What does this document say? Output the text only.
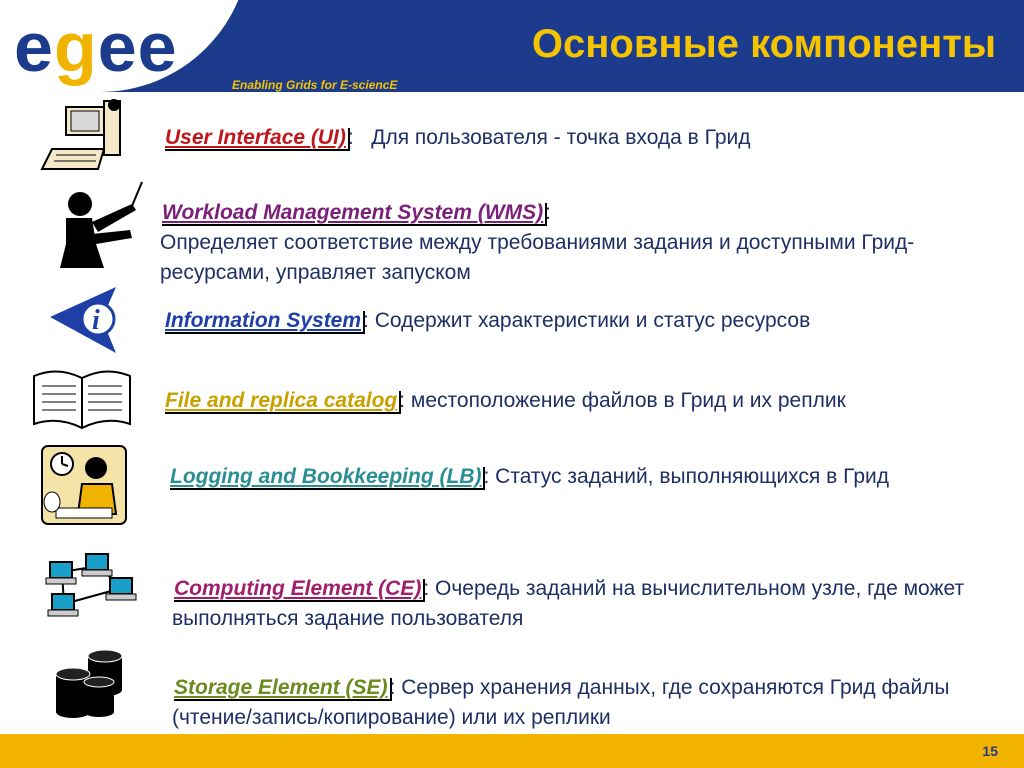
egee	Основные компоненты
Enabling Grids for E-sciencE
User Interface (UI):   Для пользователя - точка входа в Грид
Workload Management System (WMS):
Определяет соответствие между требованиями задания и доступными Грид-ресурсами, управляет запуском
i	Information System: Содержит характеристики и статус ресурсов
File and replica catalog: местоположение файлов в Грид и их реплик
Logging and Bookkeeping (LB): Статус заданий, выполняющихся в Грид
Computing Element (CE): Очередь заданий на вычислительном узле, где может выполняться задание пользователя
Storage Element (SE): Сервер хранения данных, где сохраняются Грид файлы (чтение/запись/копирование) или их реплики
15
